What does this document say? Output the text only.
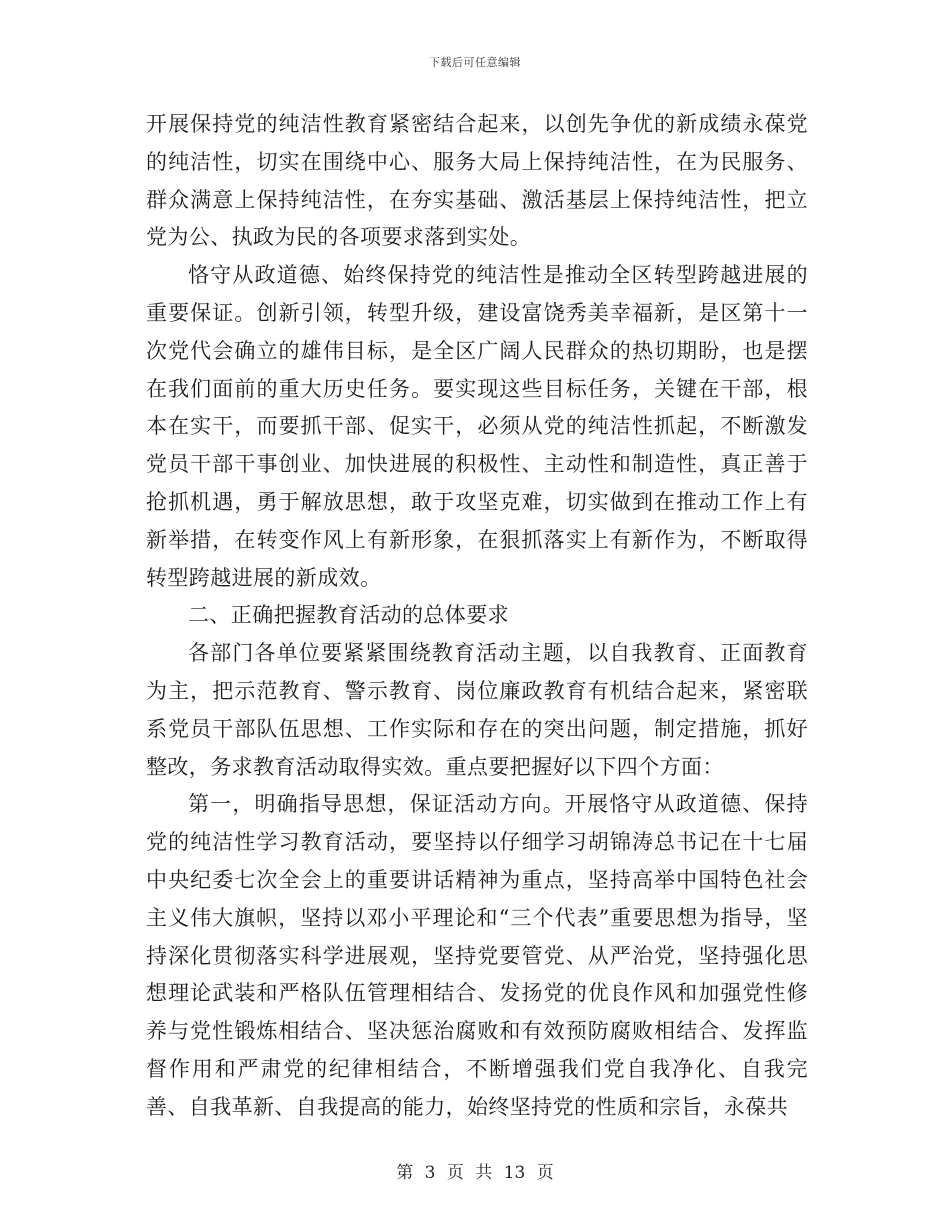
下载后可任意编辑

开展保持党的纯洁性教育紧密结合起来，以创先争优的新成绩永葆党的纯洁性，切实在围绕中心、服务大局上保持纯洁性，在为民服务、群众满意上保持纯洁性，在夯实基础、激活基层上保持纯洁性，把立党为公、执政为民的各项要求落到实处。

恪守从政道德、始终保持党的纯洁性是推动全区转型跨越进展的重要保证。创新引领，转型升级，建设富饶秀美幸福新，是区第十一次党代会确立的雄伟目标，是全区广阔人民群众的热切期盼，也是摆在我们面前的重大历史任务。要实现这些目标任务，关键在干部，根本在实干，而要抓干部、促实干，必须从党的纯洁性抓起，不断激发党员干部干事创业、加快进展的积极性、主动性和制造性，真正善于抢抓机遇，勇于解放思想，敢于攻坚克难，切实做到在推动工作上有新举措，在转变作风上有新形象，在狠抓落实上有新作为，不断取得转型跨越进展的新成效。

二、正确把握教育活动的总体要求

各部门各单位要紧紧围绕教育活动主题，以自我教育、正面教育为主，把示范教育、警示教育、岗位廉政教育有机结合起来，紧密联系党员干部队伍思想、工作实际和存在的突出问题，制定措施，抓好整改，务求教育活动取得实效。重点要把握好以下四个方面：

第一，明确指导思想，保证活动方向。开展恪守从政道德、保持党的纯洁性学习教育活动，要坚持以仔细学习胡锦涛总书记在十七届中央纪委七次全会上的重要讲话精神为重点，坚持高举中国特色社会主义伟大旗帜，坚持以邓小平理论和“三个代表”重要思想为指导，坚持深化贯彻落实科学进展观，坚持党要管党、从严治党，坚持强化思想理论武装和严格队伍管理相结合、发扬党的优良作风和加强党性修养与党性锻炼相结合、坚决惩治腐败和有效预防腐败相结合、发挥监督作用和严肃党的纪律相结合，不断增强我们党自我净化、自我完善、自我革新、自我提高的能力，始终坚持党的性质和宗旨，永葆共

第 3 页 共 13 页
